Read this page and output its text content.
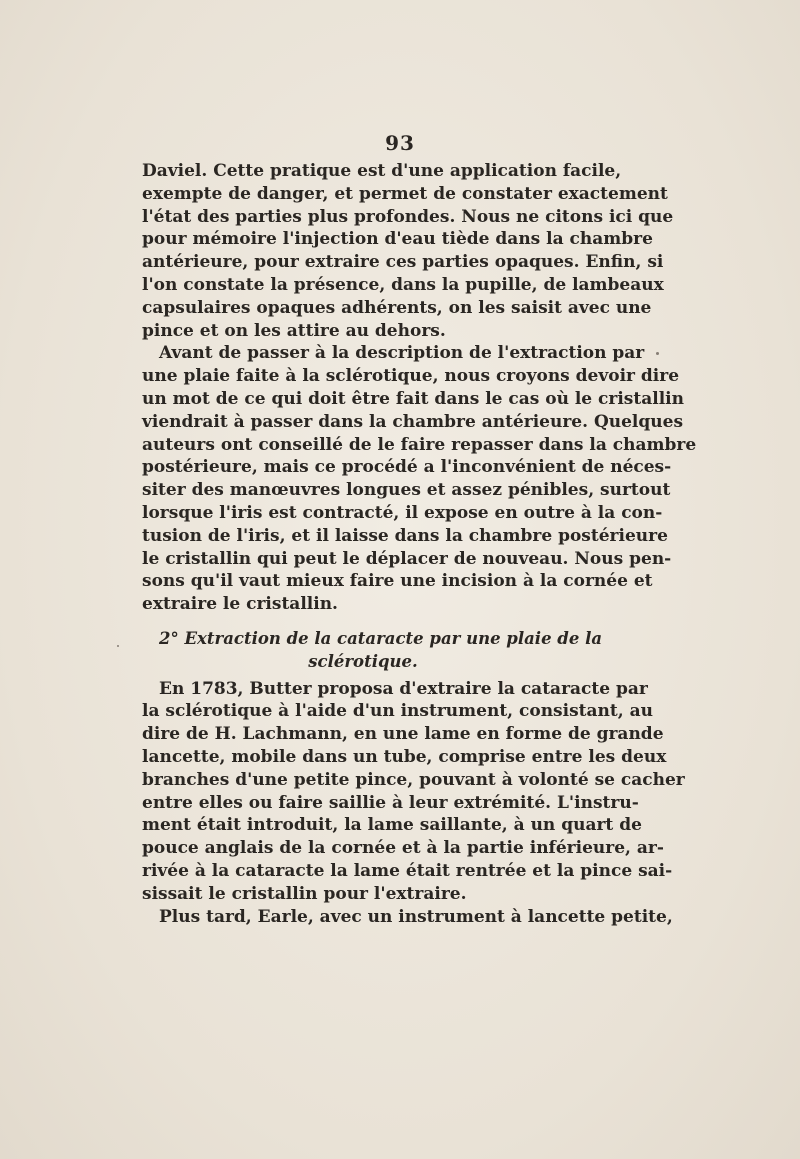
93
Daviel. Cette pratique est d'une application facile,
exempte de danger, et permet de constater exactement
l'état des parties plus profondes. Nous ne citons ici que
pour mémoire l'injection d'eau tiède dans la chambre
antérieure, pour extraire ces parties opaques. Enfin, si
l'on constate la présence, dans la pupille, de lambeaux
capsulaires opaques adhérents, on les saisit avec une
pince et on les attire au dehors.
Avant de passer à la description de l'extraction par
une plaie faite à la sclérotique, nous croyons devoir dire
un mot de ce qui doit être fait dans le cas où le cristallin
viendrait à passer dans la chambre antérieure. Quelques
auteurs ont conseillé de le faire repasser dans la chambre
postérieure, mais ce procédé a l'inconvénient de néces-
siter des manœuvres longues et assez pénibles, surtout
lorsque l'iris est contracté, il expose en outre à la con-
tusion de l'iris, et il laisse dans la chambre postérieure
le cristallin qui peut le déplacer de nouveau. Nous pen-
sons qu'il vaut mieux faire une incision à la cornée et
extraire le cristallin.
2° Extraction de la cataracte par une plaie de la
sclérotique.
En 1783, Butter proposa d'extraire la cataracte par
la sclérotique à l'aide d'un instrument, consistant, au
dire de H. Lachmann, en une lame en forme de grande
lancette, mobile dans un tube, comprise entre les deux
branches d'une petite pince, pouvant à volonté se cacher
entre elles ou faire saillie à leur extrémité. L'instru-
ment était introduit, la lame saillante, à un quart de
pouce anglais de la cornée et à la partie inférieure, ar-
rivée à la cataracte la lame était rentrée et la pince sai-
sissait le cristallin pour l'extraire.
Plus tard, Earle, avec un instrument à lancette petite,
